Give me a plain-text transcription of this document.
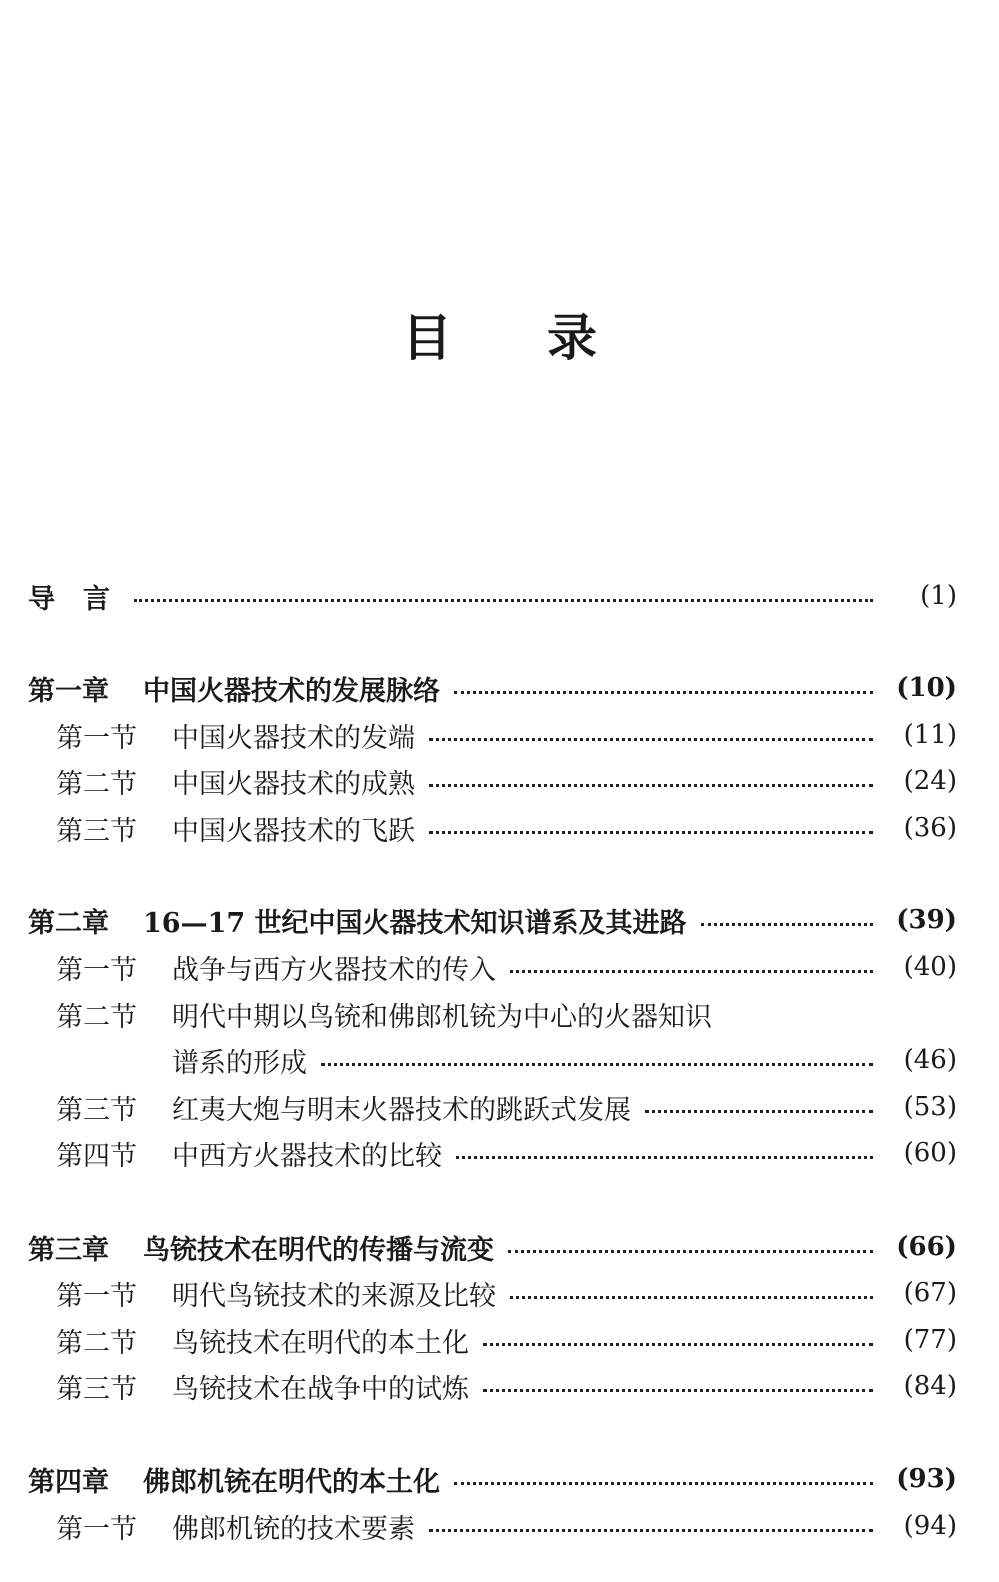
目 录
导言	(1)
第一章	中国火器技术的发展脉络	(10)
第一节	中国火器技术的发端	(11)
第二节	中国火器技术的成熟	(24)
第三节	中国火器技术的飞跃	(36)
第二章	16—17 世纪中国火器技术知识谱系及其进路	(39)
第一节	战争与西方火器技术的传入	(40)
第二节	明代中期以鸟铳和佛郎机铳为中心的火器知识
谱系的形成	(46)
第三节	红夷大炮与明末火器技术的跳跃式发展	(53)
第四节	中西方火器技术的比较	(60)
第三章	鸟铳技术在明代的传播与流变	(66)
第一节	明代鸟铳技术的来源及比较	(67)
第二节	鸟铳技术在明代的本土化	(77)
第三节	鸟铳技术在战争中的试炼	(84)
第四章	佛郎机铳在明代的本土化	(93)
第一节	佛郎机铳的技术要素	(94)
